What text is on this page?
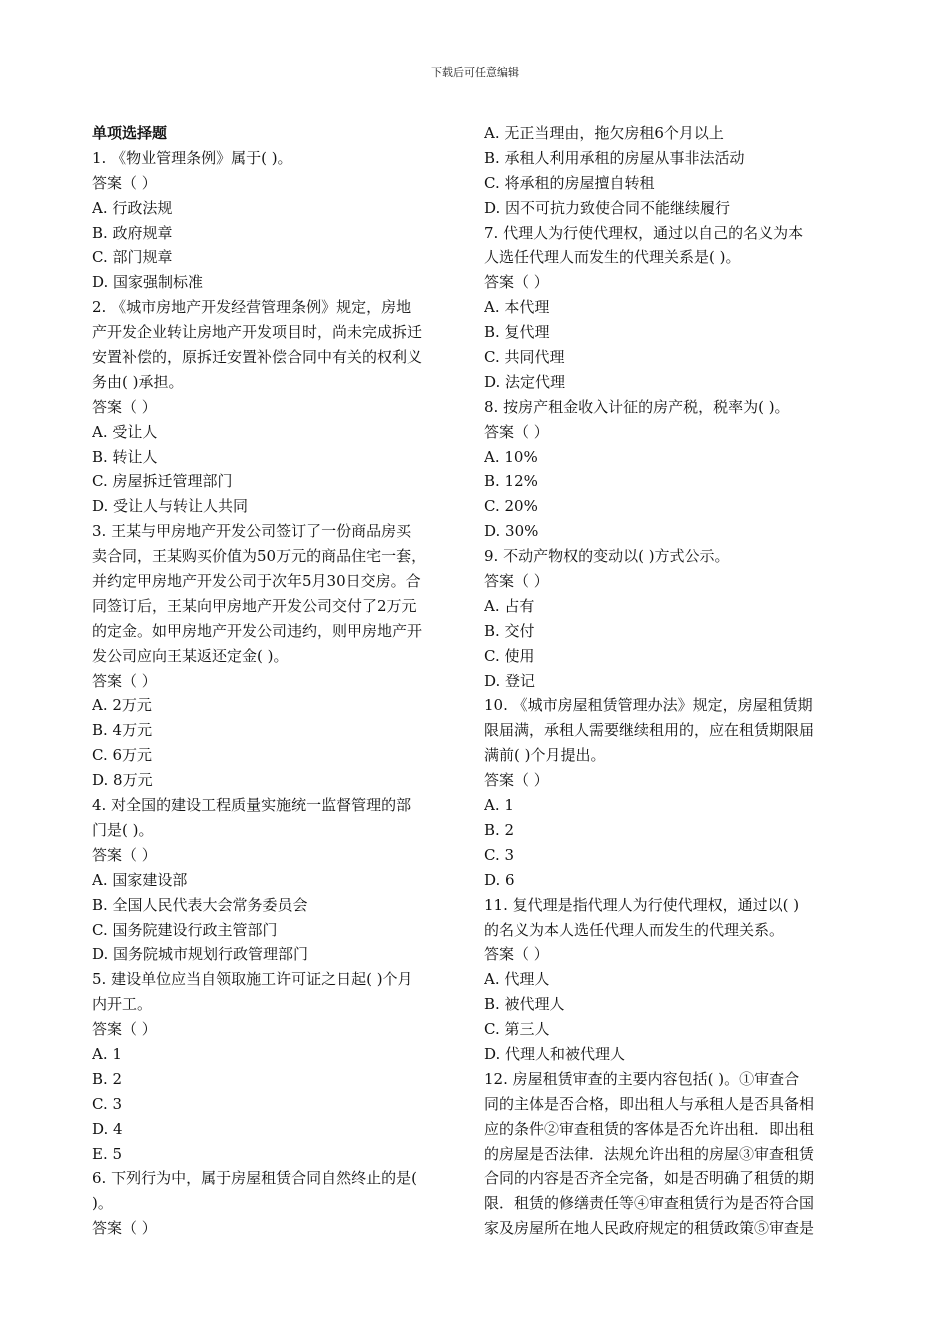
下载后可任意编辑
单项选择题
1. 《物业管理条例》属于( )。
答案（ ）
A. 行政法规
B. 政府规章
C. 部门规章
D. 国家强制标准
2. 《城市房地产开发经营管理条例》规定，房地
产开发企业转让房地产开发项目时，尚未完成拆迁
安置补偿的，原拆迁安置补偿合同中有关的权利义
务由( )承担。
答案（ ）
A. 受让人
B. 转让人
C. 房屋拆迁管理部门
D. 受让人与转让人共同
3. 王某与甲房地产开发公司签订了一份商品房买
卖合同，王某购买价值为50万元的商品住宅一套，
并约定甲房地产开发公司于次年5月30日交房。合
同签订后，王某向甲房地产开发公司交付了2万元
的定金。如甲房地产开发公司违约，则甲房地产开
发公司应向王某返还定金( )。
答案（ ）
A. 2万元
B. 4万元
C. 6万元
D. 8万元
4. 对全国的建设工程质量实施统一监督管理的部
门是( )。
答案（ ）
A. 国家建设部
B. 全国人民代表大会常务委员会
C. 国务院建设行政主管部门
D. 国务院城市规划行政管理部门
5. 建设单位应当自领取施工许可证之日起( )个月
内开工。
答案（ ）
A. 1
B. 2
C. 3
D. 4
E. 5
6. 下列行为中，属于房屋租赁合同自然终止的是(
)。
答案（ ）
A. 无正当理由，拖欠房租6个月以上
B. 承租人利用承租的房屋从事非法活动
C. 将承租的房屋擅自转租
D. 因不可抗力致使合同不能继续履行
7. 代理人为行使代理权，通过以自己的名义为本
人选任代理人而发生的代理关系是( )。
答案（ ）
A. 本代理
B. 复代理
C. 共同代理
D. 法定代理
8. 按房产租金收入计征的房产税，税率为( )。
答案（ ）
A. 10%
B. 12%
C. 20%
D. 30%
9. 不动产物权的变动以( )方式公示。
答案（ ）
A. 占有
B. 交付
C. 使用
D. 登记
10. 《城市房屋租赁管理办法》规定，房屋租赁期
限届满，承租人需要继续租用的，应在租赁期限届
满前( )个月提出。
答案（ ）
A. 1
B. 2
C. 3
D. 6
11. 复代理是指代理人为行使代理权，通过以( )
的名义为本人选任代理人而发生的代理关系。
答案（ ）
A. 代理人
B. 被代理人
C. 第三人
D. 代理人和被代理人
12. 房屋租赁审查的主要内容包括( )。①审查合
同的主体是否合格，即出租人与承租人是否具备相
应的条件②审查租赁的客体是否允许出租．即出租
的房屋是否法律．法规允许出租的房屋③审查租赁
合同的内容是否齐全完备，如是否明确了租赁的期
限．租赁的修缮责任等④审查租赁行为是否符合国
家及房屋所在地人民政府规定的租赁政策⑤审查是
